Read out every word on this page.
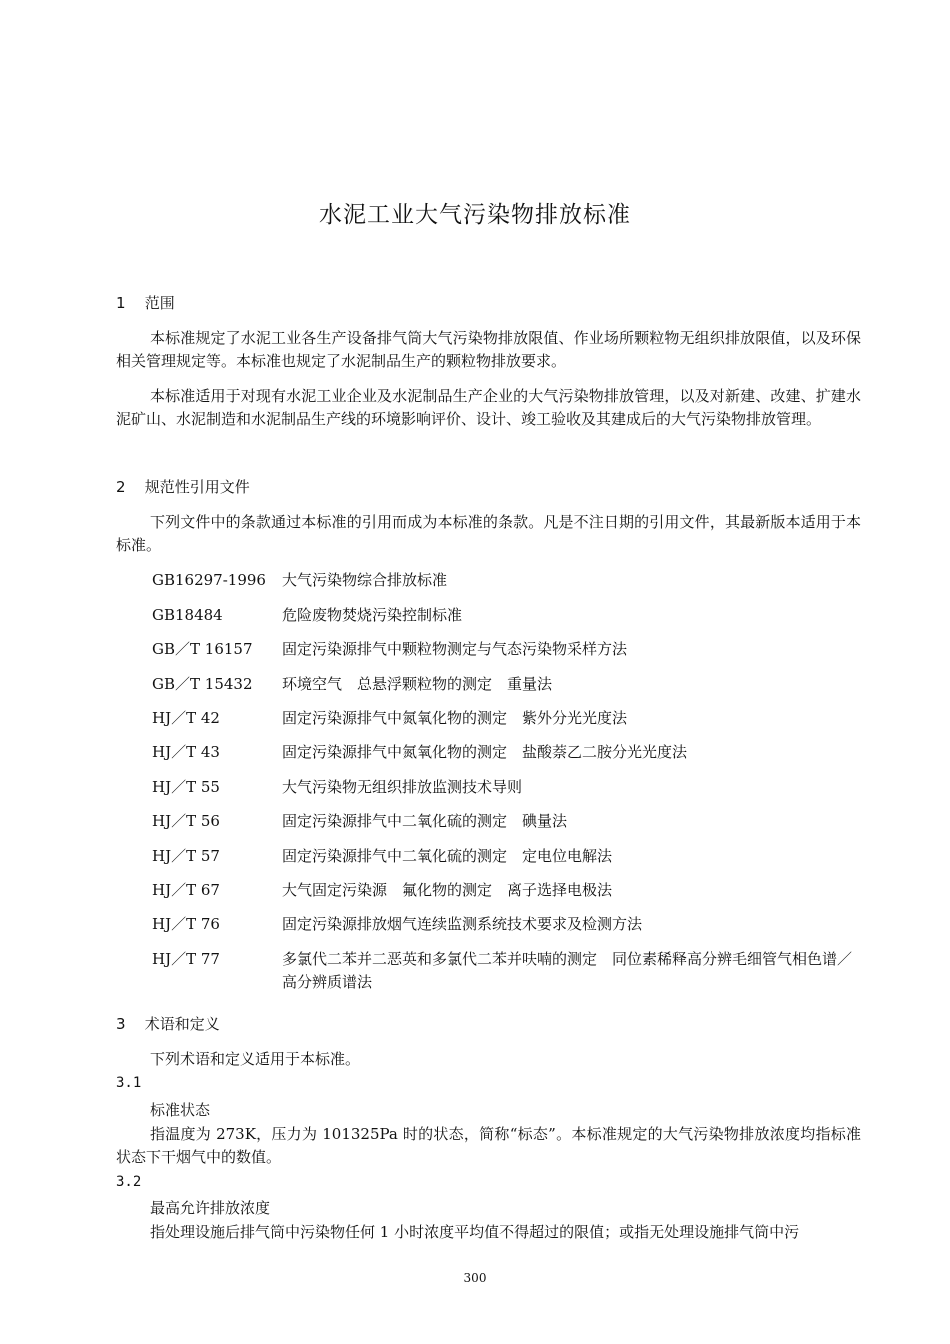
水泥工业大气污染物排放标准
1 范围
本标准规定了水泥工业各生产设备排气筒大气污染物排放限值、作业场所颗粒物无组织排放限值，以及环保相关管理规定等。本标准也规定了水泥制品生产的颗粒物排放要求。
本标准适用于对现有水泥工业企业及水泥制品生产企业的大气污染物排放管理，以及对新建、改建、扩建水泥矿山、水泥制造和水泥制品生产线的环境影响评价、设计、竣工验收及其建成后的大气污染物排放管理。
2 规范性引用文件
下列文件中的条款通过本标准的引用而成为本标准的条款。凡是不注日期的引用文件，其最新版本适用于本标准。
GB16297-1996 大气污染物综合排放标准
GB18484	危险废物焚烧污染控制标准
GB／T 16157 固定污染源排气中颗粒物测定与气态污染物采样方法
GB／T 15432 环境空气　总悬浮颗粒物的测定　重量法
HJ／T 42	固定污染源排气中氮氧化物的测定　紫外分光光度法
HJ／T 43	固定污染源排气中氮氧化物的测定　盐酸萘乙二胺分光光度法
HJ／T 55	大气污染物无组织排放监测技术导则
HJ／T 56	固定污染源排气中二氧化硫的测定　碘量法
HJ／T 57	固定污染源排气中二氧化硫的测定　定电位电解法
HJ／T 67	大气固定污染源　氟化物的测定　离子选择电极法
HJ／T 76	固定污染源排放烟气连续监测系统技术要求及检测方法
HJ／T 77	多氯代二苯并二恶英和多氯代二苯并呋喃的测定　同位素稀释高分辨毛细管气相色谱／高分辨质谱法
3 术语和定义
下列术语和定义适用于本标准。
3.1
标准状态
指温度为 273K，压力为 101325Pa 时的状态，简称“标态”。本标准规定的大气污染物排放浓度均指标准状态下干烟气中的数值。
3.2
最高允许排放浓度
指处理设施后排气筒中污染物任何 1 小时浓度平均值不得超过的限值；或指无处理设施排气筒中污
300
